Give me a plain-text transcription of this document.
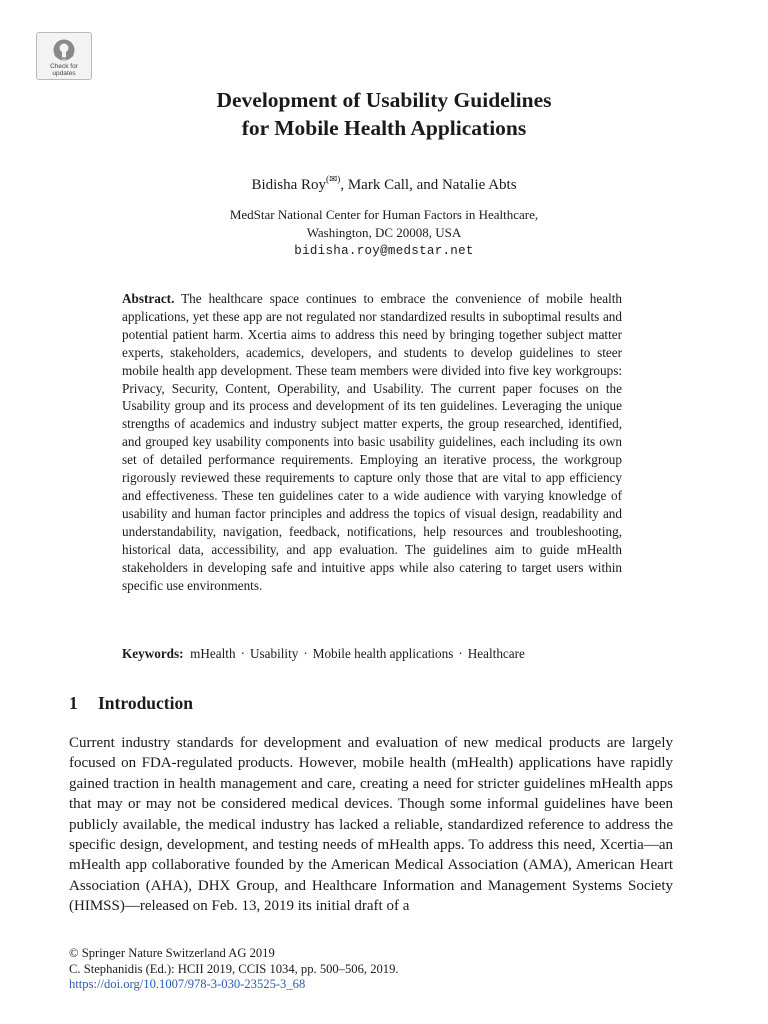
Check for
updates
Development of Usability Guidelines
for Mobile Health Applications

Bidisha Roy(✉), Mark Call, and Natalie Abts

MedStar National Center for Human Factors in Healthcare,
Washington, DC 20008, USA
bidisha.roy@medstar.net

Abstract. The healthcare space continues to embrace the convenience of mobile health applications, yet these app are not regulated nor standardized results in suboptimal results and potential patient harm. Xcertia aims to address this need by bringing together subject matter experts, stakeholders, academics, developers, and students to develop guidelines to steer mobile health app development. These team members were divided into five key workgroups: Privacy, Security, Content, Operability, and Usability. The current paper focuses on the Usability group and its process and development of its ten guidelines. Leveraging the unique strengths of academics and industry subject matter experts, the group researched, identified, and grouped key usability components into basic usability guidelines, each including its own set of detailed performance requirements. Employing an iterative process, the workgroup rigorously reviewed these requirements to capture only those that are vital to app efficiency and effectiveness. These ten guidelines cater to a wide audience with varying knowledge of usability and human factor principles and address the topics of visual design, readability and understandability, navigation, feedback, notifications, help resources and troubleshooting, historical data, accessibility, and app evaluation. The guidelines aim to guide mHealth stakeholders in developing safe and intuitive apps while also catering to target users within specific use environments.

Keywords: mHealth · Usability · Mobile health applications · Healthcare

1 Introduction

Current industry standards for development and evaluation of new medical products are largely focused on FDA-regulated products. However, mobile health (mHealth) applications have rapidly gained traction in health management and care, creating a need for stricter guidelines mHealth apps that may or may not be considered medical devices. Though some informal guidelines have been publicly available, the medical industry has lacked a reliable, standardized reference to address the specific design, development, and testing needs of mHealth apps. To address this need, Xcertia—an mHealth app collaborative founded by the American Medical Association (AMA), American Heart Association (AHA), DHX Group, and Healthcare Information and Management Systems Society (HIMSS)—released on Feb. 13, 2019 its initial draft of a

© Springer Nature Switzerland AG 2019
C. Stephanidis (Ed.): HCII 2019, CCIS 1034, pp. 500–506, 2019.
https://doi.org/10.1007/978-3-030-23525-3_68
